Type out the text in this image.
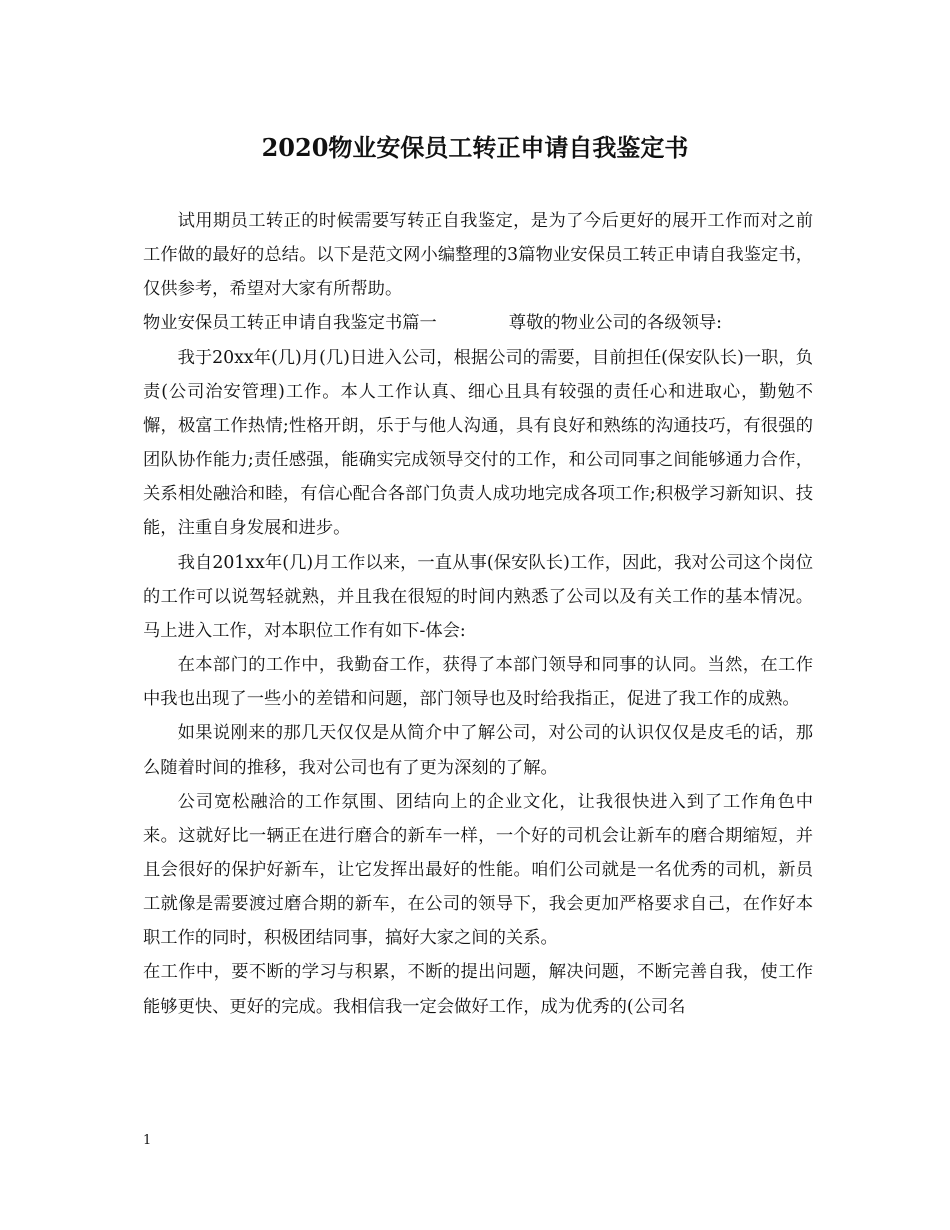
2020物业安保员工转正申请自我鉴定书

试用期员工转正的时候需要写转正自我鉴定，是为了今后更好的展开工作而对之前工作做的最好的总结。以下是范文网小编整理的3篇物业安保员工转正申请自我鉴定书，仅供参考，希望对大家有所帮助。

物业安保员工转正申请自我鉴定书篇一	尊敬的物业公司的各级领导:

我于20xx年(几)月(几)日进入公司，根据公司的需要，目前担任(保安队长)一职，负责(公司治安管理)工作。本人工作认真、细心且具有较强的责任心和进取心，勤勉不懈，极富工作热情;性格开朗，乐于与他人沟通，具有良好和熟练的沟通技巧，有很强的团队协作能力;责任感强，能确实完成领导交付的工作，和公司同事之间能够通力合作，关系相处融洽和睦，有信心配合各部门负责人成功地完成各项工作;积极学习新知识、技能，注重自身发展和进步。

我自201xx年(几)月工作以来，一直从事(保安队长)工作，因此，我对公司这个岗位的工作可以说驾轻就熟，并且我在很短的时间内熟悉了公司以及有关工作的基本情况。马上进入工作，对本职位工作有如下-体会:

在本部门的工作中，我勤奋工作，获得了本部门领导和同事的认同。当然，在工作中我也出现了一些小的差错和问题，部门领导也及时给我指正，促进了我工作的成熟。

如果说刚来的那几天仅仅是从简介中了解公司，对公司的认识仅仅是皮毛的话，那么随着时间的推移，我对公司也有了更为深刻的了解。

公司宽松融洽的工作氛围、团结向上的企业文化，让我很快进入到了工作角色中来。这就好比一辆正在进行磨合的新车一样，一个好的司机会让新车的磨合期缩短，并且会很好的保护好新车，让它发挥出最好的性能。咱们公司就是一名优秀的司机，新员工就像是需要渡过磨合期的新车，在公司的领导下，我会更加严格要求自己，在作好本职工作的同时，积极团结同事，搞好大家之间的关系。

在工作中，要不断的学习与积累，不断的提出问题，解决问题，不断完善自我，使工作能够更快、更好的完成。我相信我一定会做好工作，成为优秀的(公司名

1
